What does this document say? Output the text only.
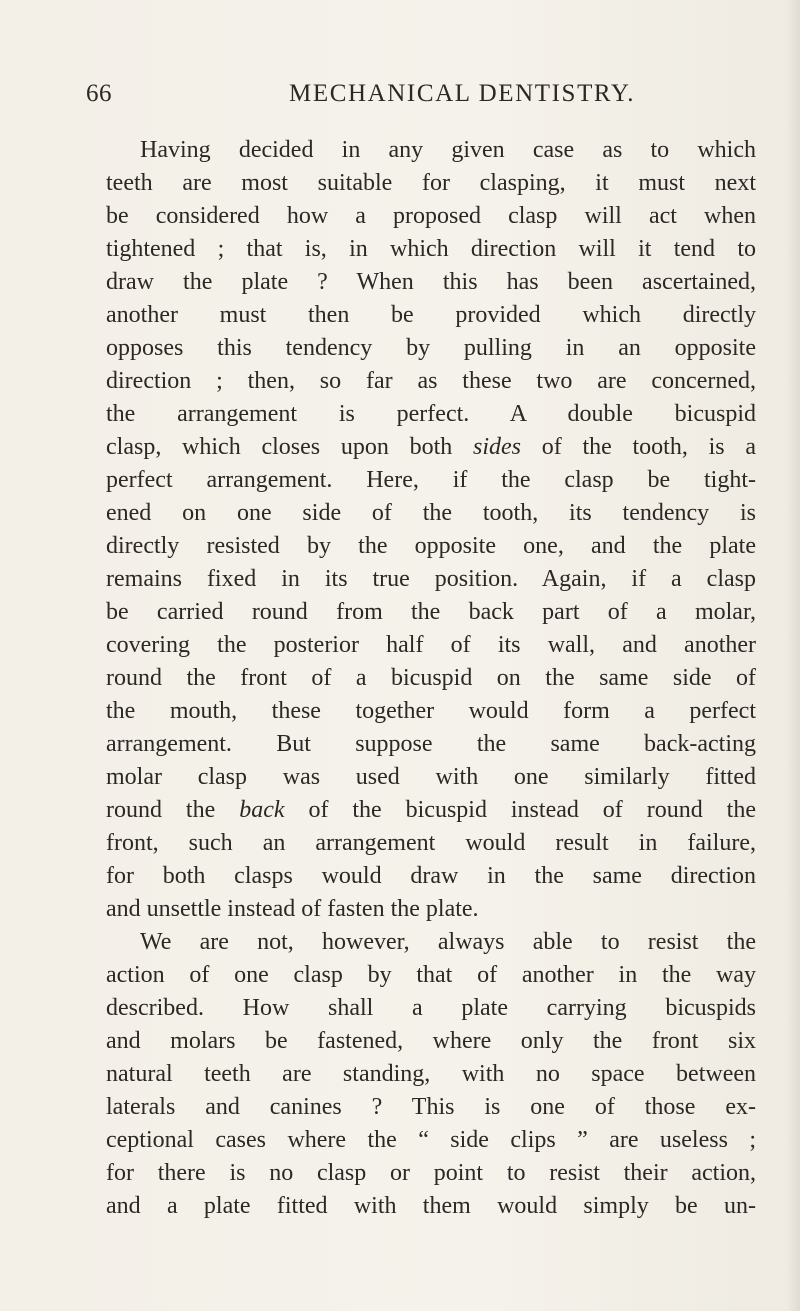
66	MECHANICAL DENTISTRY.
Having decided in any given case as to which
teeth are most suitable for clasping, it must next
be considered how a proposed clasp will act when
tightened ; that is, in which direction will it tend to
draw the plate ? When this has been ascertained,
another must then be provided which directly
opposes this tendency by pulling in an opposite
direction ; then, so far as these two are concerned,
the arrangement is perfect. A double bicuspid
clasp, which closes upon both sides of the tooth, is a
perfect arrangement. Here, if the clasp be tight-
ened on one side of the tooth, its tendency is
directly resisted by the opposite one, and the plate
remains fixed in its true position. Again, if a clasp
be carried round from the back part of a molar,
covering the posterior half of its wall, and another
round the front of a bicuspid on the same side of
the mouth, these together would form a perfect
arrangement. But suppose the same back-acting
molar clasp was used with one similarly fitted
round the back of the bicuspid instead of round the
front, such an arrangement would result in failure,
for both clasps would draw in the same direction
and unsettle instead of fasten the plate.
We are not, however, always able to resist the
action of one clasp by that of another in the way
described. How shall a plate carrying bicuspids
and molars be fastened, where only the front six
natural teeth are standing, with no space between
laterals and canines ? This is one of those ex-
ceptional cases where the “ side clips ” are useless ;
for there is no clasp or point to resist their action,
and a plate fitted with them would simply be un-
